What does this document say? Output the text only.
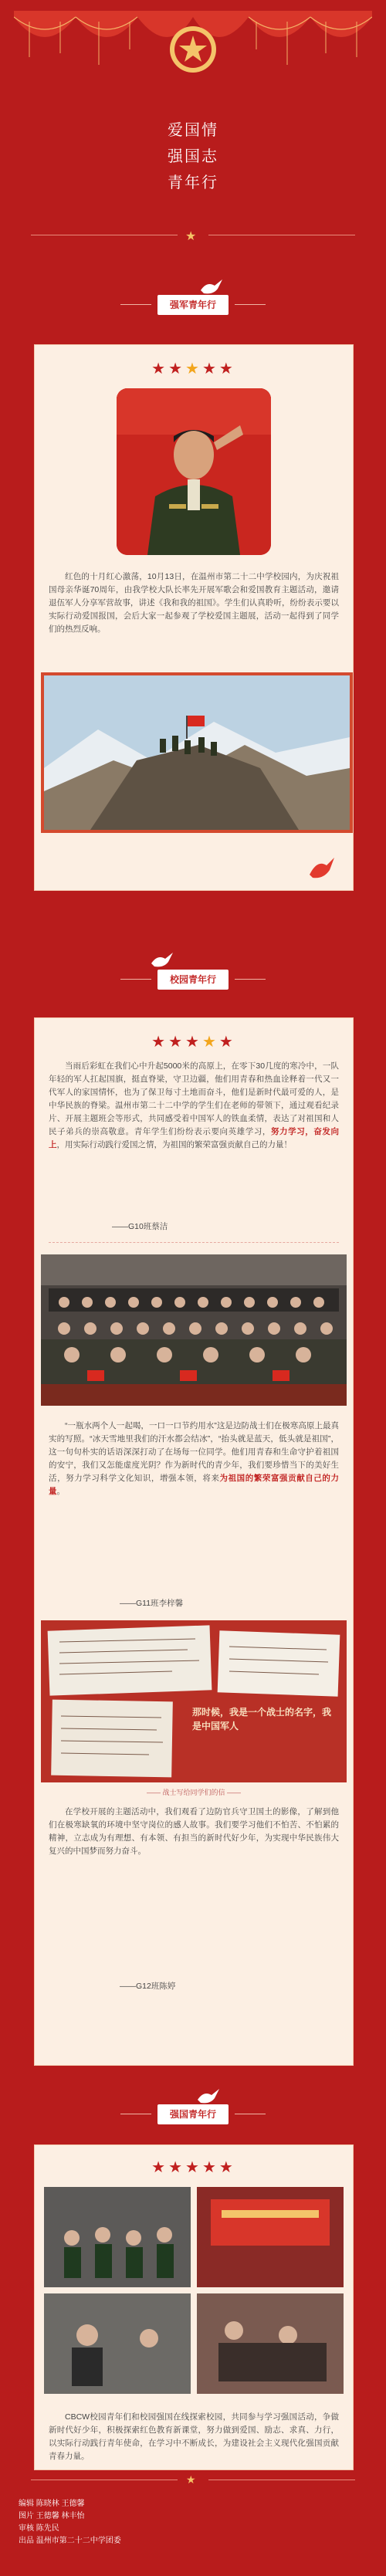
爱国情
强国志
青年行
★
强军青年行
★★★★★
红色的十月红心激荡，10月13日，在温州市第二十二中学校园内，为庆祝祖国母亲华诞70周年，由我学校大队长率先开展军歌会和爱国教育主题活动，邀请退伍军人分享军营故事，讲述《我和我的祖国》。学生们认真聆听，纷纷表示要以实际行动爱国报国，会后大家一起参观了学校爱国主题展，活动一起得到了同学们的热烈反响。
校园青年行
★★★★★
当雨后彩虹在我们心中升起5000米的高原上，在零下30几度的寒冷中，一队年轻的军人扛起国旗，挺直脊梁，守卫边疆，他们用青春和热血诠释着一代又一代军人的家国情怀，也为了保卫每寸土地而奋斗，他们是新时代最可爱的人，是中华民族的脊梁。温州市第二十二中学的学生们在老师的带领下，通过观看纪录片、开展主题班会等形式，共同感受着中国军人的铁血柔情，表达了对祖国和人民子弟兵的崇高敬意。青年学生们纷纷表示要向英雄学习，努力学习，奋发向上，用实际行动践行爱国之情，为祖国的繁荣富强贡献自己的力量！
——G10班蔡洁
“一瓶水两个人一起喝，一口一口节约用水”这是边防战士们在极寒高原上最真实的写照。“冰天雪地里我们的汗水都会结冰”，“抬头就是蓝天，低头就是祖国”，这一句句朴实的话语深深打动了在场每一位同学。他们用青春和生命守护着祖国的安宁，我们又怎能虚度光阴？作为新时代的青少年，我们要珍惜当下的美好生活，努力学习科学文化知识，增强本领，将来为祖国的繁荣富强贡献自己的力量。
——G11班李梓馨
那时候，我是一个战士的名字，我是中国军人
—— 战士写给同学们的信 ——
在学校开展的主题活动中，我们观看了边防官兵守卫国土的影像，了解到他们在极寒缺氧的环境中坚守岗位的感人故事。我们要学习他们不怕苦、不怕累的精神，立志成为有理想、有本领、有担当的新时代好少年，为实现中华民族伟大复兴的中国梦而努力奋斗。
——G12班陈婷
强国青年行
★★★★★
CBCW校园青年们和校园强国在线探索校园，共同参与学习强国活动，争做新时代好少年，积极探索红色教育新课堂，努力做到爱国、励志、求真、力行，以实际行动践行青年使命，在学习中不断成长，为建设社会主义现代化强国贡献青春力量。
★
编辑 陈晓林 王德馨
图片 王德馨 林丰怡
审核 陈先民
出品 温州市第二十二中学团委
